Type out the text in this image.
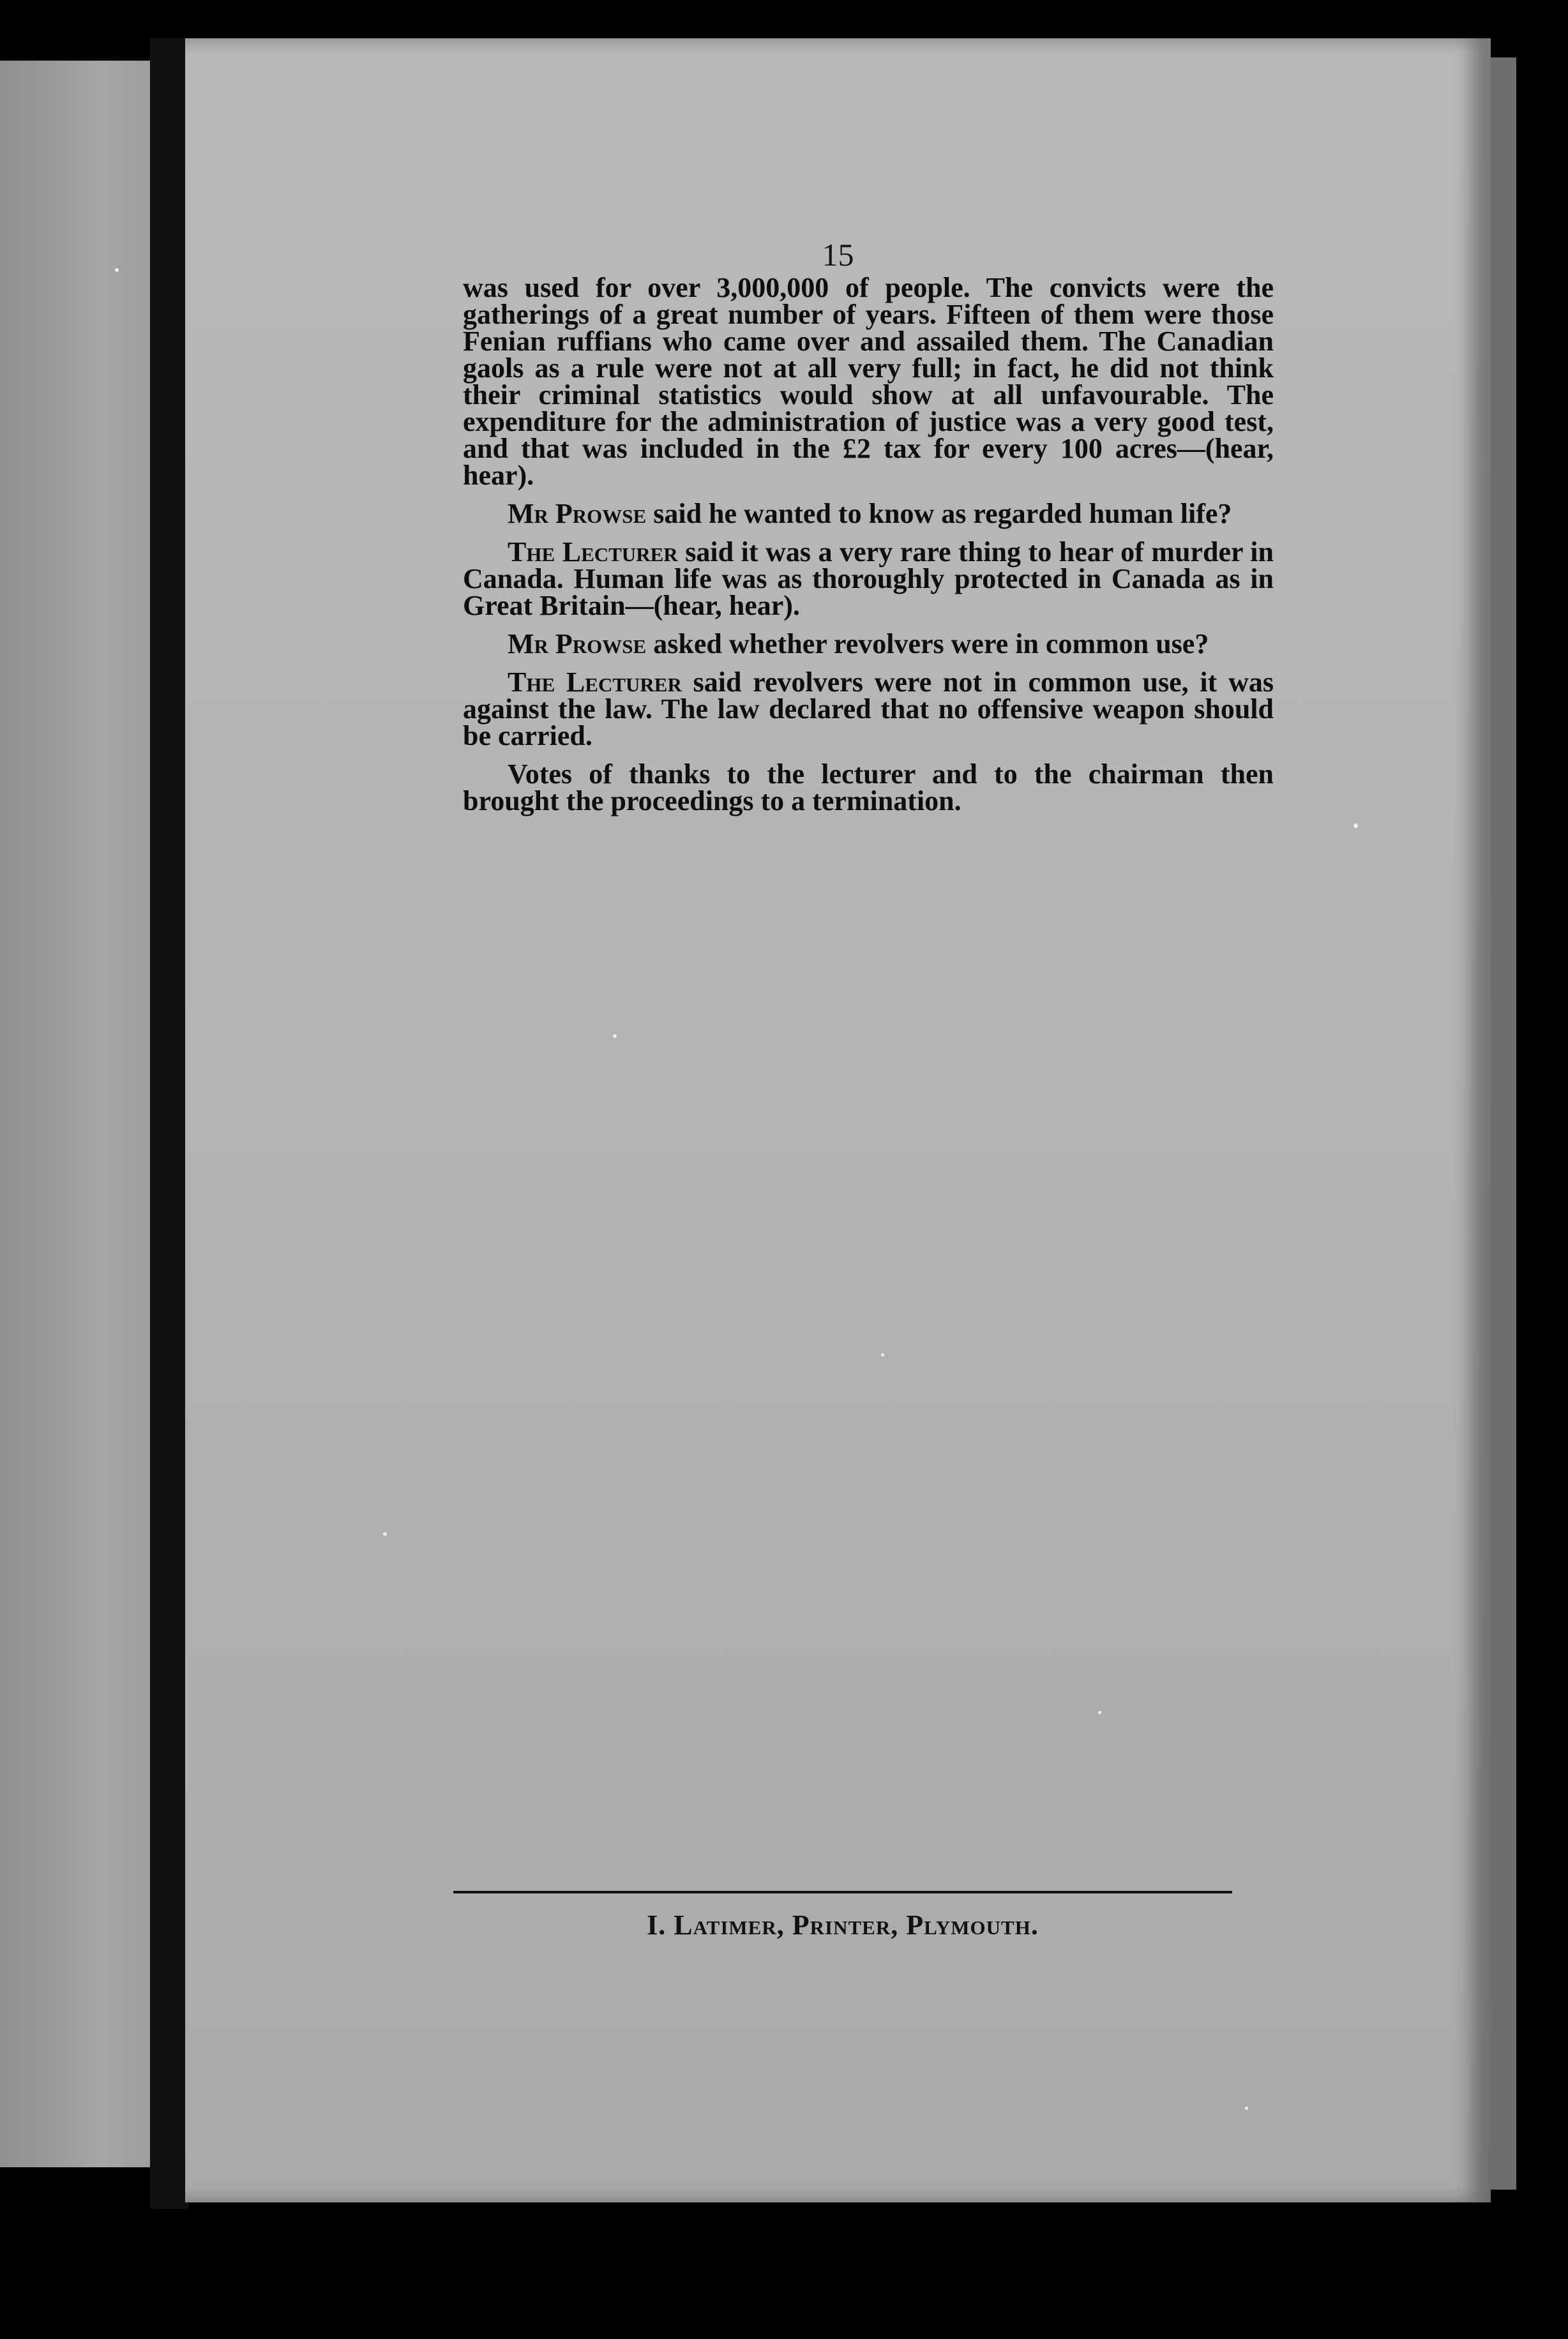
15

was used for over 3,000,000 of people. The convicts were the gatherings of a great number of years. Fifteen of them were those Fenian ruffians who came over and assailed them. The Canadian gaols as a rule were not at all very full; in fact, he did not think their criminal statistics would show at all unfavourable. The expenditure for the administration of justice was a very good test, and that was included in the £2 tax for every 100 acres—(hear, hear).

Mr Prowse said he wanted to know as regarded human life?

The Lecturer said it was a very rare thing to hear of murder in Canada. Human life was as thoroughly protected in Canada as in Great Britain—(hear, hear).

Mr Prowse asked whether revolvers were in common use?

The Lecturer said revolvers were not in common use, it was against the law. The law declared that no offensive weapon should be carried.

Votes of thanks to the lecturer and to the chairman then brought the proceedings to a termination.

I. Latimer, Printer, Plymouth.
